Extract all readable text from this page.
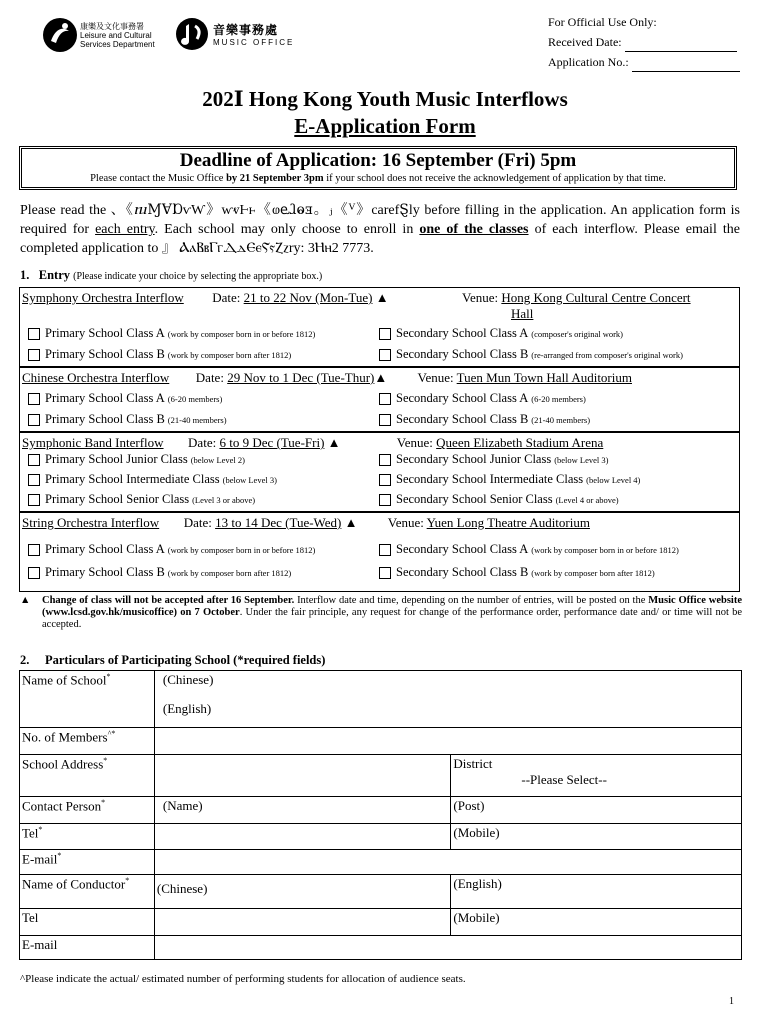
康樂及文化事務署
Leisure and Cultural
Services Department
音樂事務處
MUSIC OFFICE
For Official Use Only:
Received Date:
Application No.:
202Ⅰ Hong Kong Youth Music Interflows
E-Application Form
Deadline of Application: 16 September (Fri) 5pm
Please contact the Music Office by 21 September 3pm if your school does not receive the acknowledgement of application by that time.
Please read the 、《ⴠⱮⱯⱰⱱⱲ》ⱳⱴⱵⱶ《ⱷⱸⱹⱺⱻ。ⱼ《ⱽ》carefⱾly before filling in the application. An application form is required for each entry. Each school may only choose to enroll in one of the classes of each interflow. Please email the completed application to 』 ⲀⲁⲂⲃⲄⲅⲆⲇⲈⲉⲊⲋⲌⲍry: 3Ⲏⲏ2 7773.
1. Entry (Please indicate your choice by selecting the appropriate box.)
Symphony Orchestra Interflow Date: 21 to 22 Nov (Mon-Tue) ▲	Venue: Hong Kong Cultural Centre Concert
Hall
Primary School Class A (work by composer born in or before 1812)	Secondary School Class A (composer's original work)
Primary School Class B (work by composer born after 1812)	Secondary School Class B (re-arranged from composer's original work)
Chinese Orchestra Interflow Date: 29 Nov to 1 Dec (Tue-Thur)▲ Venue: Tuen Mun Town Hall Auditorium
Primary School Class A (6-20 members)	Secondary School Class A (6-20 members)
Primary School Class B (21-40 members)	Secondary School Class B (21-40 members)
Symphonic Band Interflow Date: 6 to 9 Dec (Tue-Fri) ▲	Venue: Queen Elizabeth Stadium Arena
Primary School Junior Class (below Level 2)	Secondary School Junior Class (below Level 3)
Primary School Intermediate Class (below Level 3)	Secondary School Intermediate Class (below Level 4)
Primary School Senior Class (Level 3 or above)	Secondary School Senior Class (Level 4 or above)
String Orchestra Interflow Date: 13 to 14 Dec (Tue-Wed) ▲ Venue: Yuen Long Theatre Auditorium
Primary School Class A (work by composer born in or before 1812)	Secondary School Class A (work by composer born in or before 1812)
Primary School Class B (work by composer born after 1812)	Secondary School Class B (work by composer born after 1812)
▲ Change of class will not be accepted after 16 September. Interflow date and time, depending on the number of entries, will be posted on the Music Office website (www.lcsd.gov.hk/musicoffice) on 7 October. Under the fair principle, any request for change of the performance order, performance date and/ or time will not be accepted.
2.     Particulars of Participating School (*required fields)
Name of School*	(Chinese)	
	(English)	
No. of Members^*	
School Address*		District
--Please Select--
Contact Person*	(Name)	(Post)
Tel*		(Mobile)
E-mail*	
Name of Conductor*	(Chinese)	(English)
Tel		(Mobile)
E-mail		
^Please indicate the actual/ estimated number of performing students for allocation of audience seats.
1
